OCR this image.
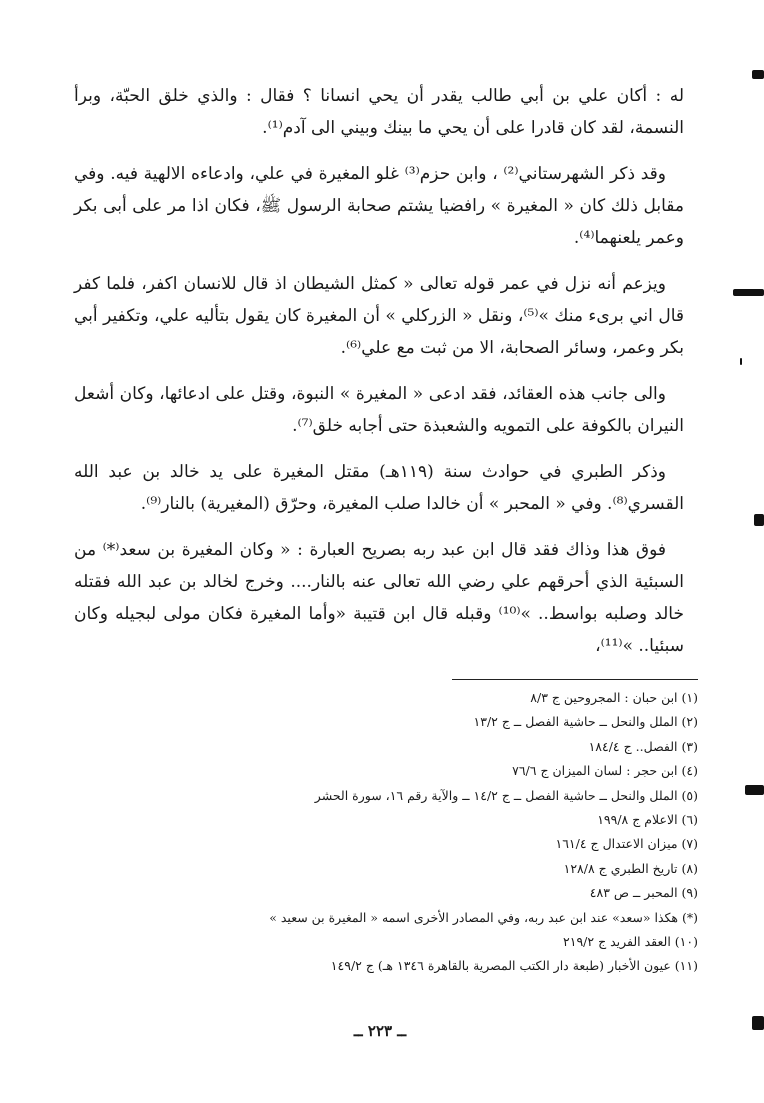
له : أكان علي بن أبي طالب يقدر أن يحي انسانا ؟ فقال : والذي خلق الحبّة، وبرأ النسمة، لقد كان قادرا على أن يحي ما بينك وبيني الى آدم⁽¹⁾.

وقد ذكر الشهرستاني⁽²⁾ ، وابن حزم⁽³⁾ غلو المغيرة في علي، وادعاءه الالهية فيه. وفي مقابل ذلك كان « المغيرة » رافضيا يشتم صحابة الرسول ﷺ، فكان اذا مر على أبى بكر وعمر يلعنهما⁽⁴⁾.

ويزعم أنه نزل في عمر قوله تعالى « كمثل الشيطان اذ قال للانسان اكفر، فلما كفر قال اني برىء منك »⁽⁵⁾، ونقل « الزركلي » أن المغيرة كان يقول بتأليه علي، وتكفير أبي بكر وعمر، وسائر الصحابة، الا من ثبت مع علي⁽⁶⁾.

والى جانب هذه العقائد، فقد ادعى « المغيرة » النبوة، وقتل على ادعائها، وكان أشعل النيران بالكوفة على التمويه والشعبذة حتى أجابه خلق⁽⁷⁾.

وذكر الطبري في حوادث سنة (١١٩هـ) مقتل المغيرة على يد خالد بن عبد الله القسري⁽⁸⁾. وفي « المحبر » أن خالدا صلب المغيرة، وحرّق (المغيرية) بالنار⁽⁹⁾.

فوق هذا وذاك فقد قال ابن عبد ربه بصريح العبارة : « وكان المغيرة بن سعد⁽*⁾ من السبئية الذي أحرقهم علي رضي الله تعالى عنه بالنار.... وخرج لخالد بن عبد الله فقتله خالد وصلبه بواسط.. »⁽¹⁰⁾ وقبله قال ابن قتيبة «وأما المغيرة فكان مولى لبجيله وكان سبئيا.. »⁽¹¹⁾،

(١) ابن حبان : المجروحين ج ٨/٣
(٢) الملل والنحل ــ حاشية الفصل ــ ج ١٣/٢
(٣) الفصل.. ج ١٨٤/٤
(٤) ابن حجر : لسان الميزان ج ٧٦/٦
(٥) الملل والنحل ــ حاشية الفصل ــ ج ١٤/٢ ــ والآية رقم ١٦، سورة الحشر
(٦) الاعلام ج ١٩٩/٨
(٧) ميزان الاعتدال ج ١٦١/٤
(٨) تاريخ الطبري ج ١٢٨/٨
(٩) المحبر ــ ص ٤٨٣
(*) هكذا «سعد» عند ابن عبد ربه، وفي المصادر الأخرى اسمه « المغيرة بن سعيد »
(١٠) العقد الفريد ج ٢١٩/٢
(١١) عيون الأخبار (طبعة دار الكتب المصرية بالقاهرة ١٣٤٦ هـ) ج ١٤٩/٢
ــ ٢٢٣ ــ
